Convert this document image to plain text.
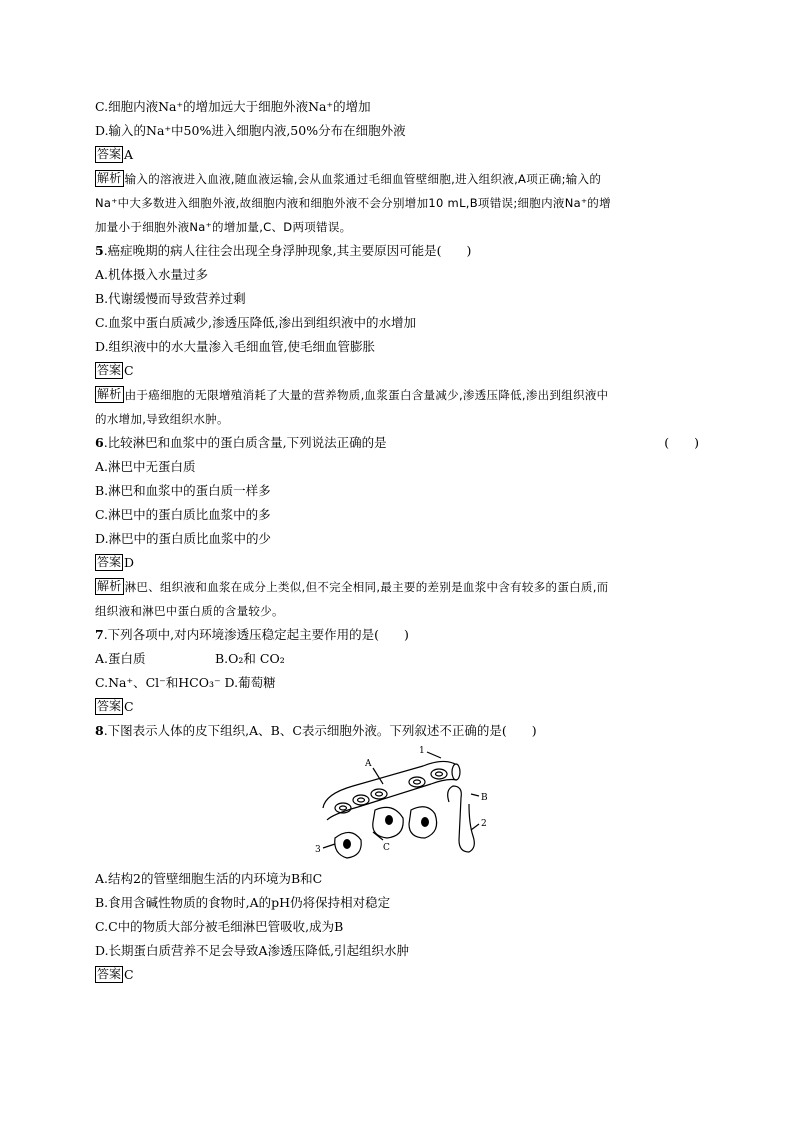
C.细胞内液Na⁺的增加远大于细胞外液Na⁺的增加
D.输入的Na⁺中50%进入细胞内液,50%分布在细胞外液
答案 A
解析 输入的溶液进入血液,随血液运输,会从血浆通过毛细血管壁细胞,进入组织液,A项正确;输入的
Na⁺中大多数进入细胞外液,故细胞内液和细胞外液不会分别增加10 mL,B项错误;细胞内液Na⁺的增
加量小于细胞外液Na⁺的增加量,C、D两项错误。
5.癌症晚期的病人往往会出现全身浮肿现象,其主要原因可能是(　　)
A.机体摄入水量过多
B.代谢缓慢而导致营养过剩
C.血浆中蛋白质减少,渗透压降低,渗出到组织液中的水增加
D.组织液中的水大量渗入毛细血管,使毛细血管膨胀
答案 C
解析 由于癌细胞的无限增殖消耗了大量的营养物质,血浆蛋白含量减少,渗透压降低,渗出到组织液中
的水增加,导致组织水肿。
6.比较淋巴和血浆中的蛋白质含量,下列说法正确的是	(　　)
A.淋巴中无蛋白质
B.淋巴和血浆中的蛋白质一样多
C.淋巴中的蛋白质比血浆中的多
D.淋巴中的蛋白质比血浆中的少
答案 D
解析 淋巴、组织液和血浆在成分上类似,但不完全相同,最主要的差别是血浆中含有较多的蛋白质,而
组织液和淋巴中蛋白质的含量较少。
7.下列各项中,对内环境渗透压稳定起主要作用的是(　　)
A.蛋白质	B.O₂和 CO₂
C.Na⁺、Cl⁻和HCO₃⁻ D.葡萄糖
答案 C
8.下图表示人体的皮下组织,A、B、C表示细胞外液。下列叙述不正确的是(　　)
A.结构2的管壁细胞生活的内环境为B和C
B.食用含碱性物质的食物时,A的pH仍将保持相对稳定
C.C中的物质大部分被毛细淋巴管吸收,成为B
D.长期蛋白质营养不足会导致A渗透压降低,引起组织水肿
答案 C
1
A
B
2
3	C
